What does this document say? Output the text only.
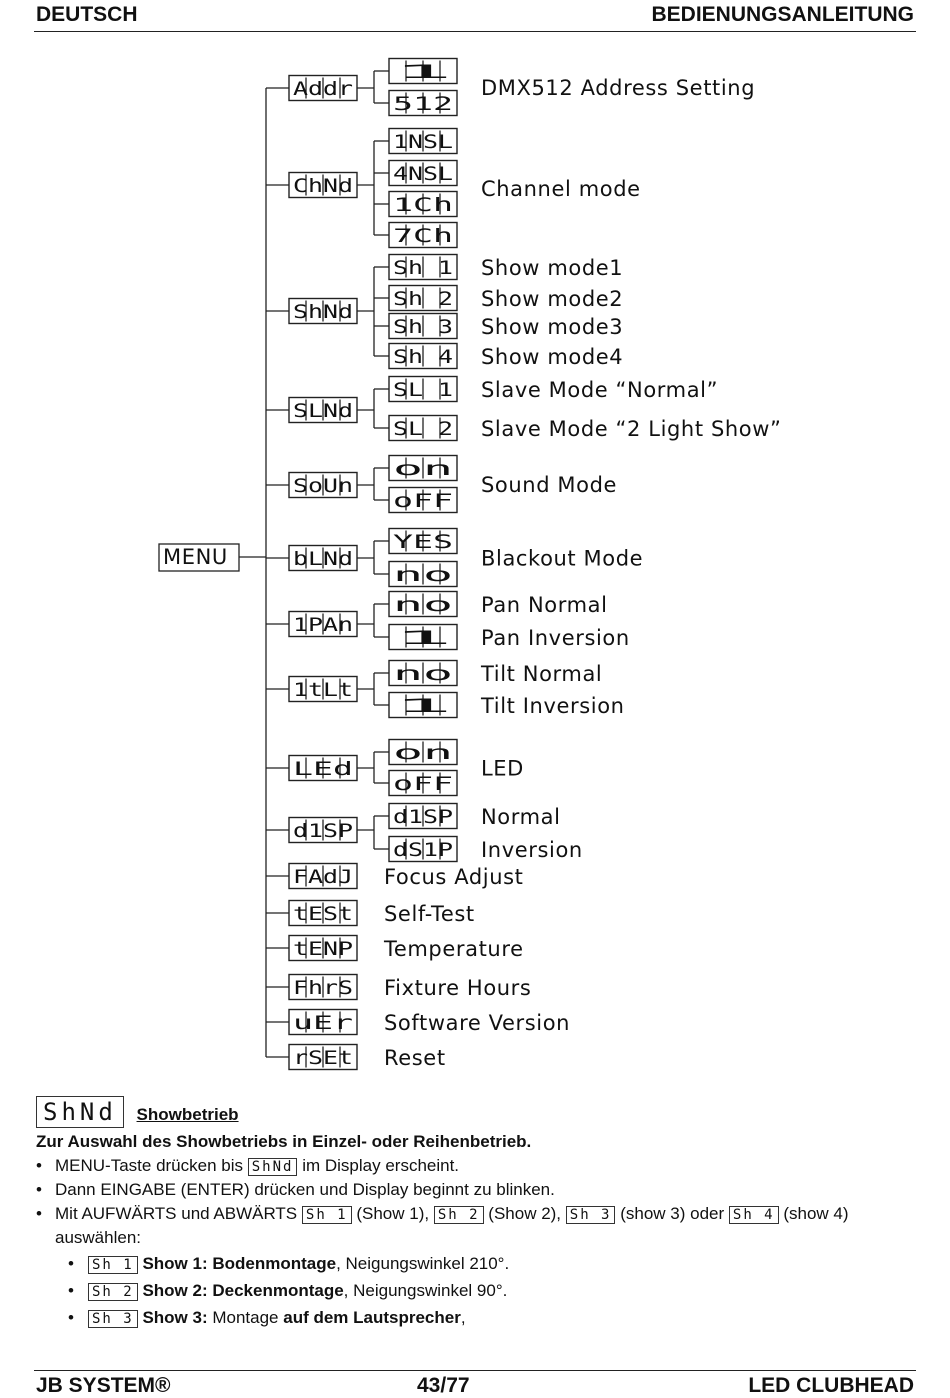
DEUTSCH	BEDIENUNGSANLEITUNG
MENU
Addr
1
512
DMX512 Address Setting
ChNd
1NSL
4NSL
1Ch
7Ch
Channel mode
ShNd
Sh 1 Show mode1
Sh 2 Show mode2
Sh 3 Show mode3
Sh 4 Show mode4
SLNd
SL 1 Slave Mode “Normal”
SL 2 Slave Mode “2 Light Show”
SoUn
on
oFF
Sound Mode
bLNd
YES
no
Blackout Mode
1PAn
no Pan Normal
1 Pan Inversion
1tLt
no Tilt Normal
1 Tilt Inversion
LEd
on
oFF
LED
d1SP
d1SP Normal
dS1P Inversion
FAdJ Focus Adjust
tESt Self-Test
tENP Temperature
FhrS Fixture Hours
uEr Software Version
rSEt Reset
ShNd Showbetrieb
Zur Auswahl des Showbetriebs in Einzel- oder Reihenbetrieb.
• MENU-Taste drücken bis ShNd im Display erscheint.
• Dann EINGABE (ENTER) drücken und Display beginnt zu blinken.
• Mit AUFWÄRTS und ABWÄRTS Sh 1 (Show 1), Sh 2 (Show 2), Sh 3 (show 3) oder Sh 4 (show 4)
auswählen:
• Sh 1 Show 1: Bodenmontage, Neigungswinkel 210°.
• Sh 2 Show 2: Deckenmontage, Neigungswinkel 90°.
• Sh 3 Show 3: Montage auf dem Lautsprecher,
JB SYSTEM®	43/77	LED CLUBHEAD
